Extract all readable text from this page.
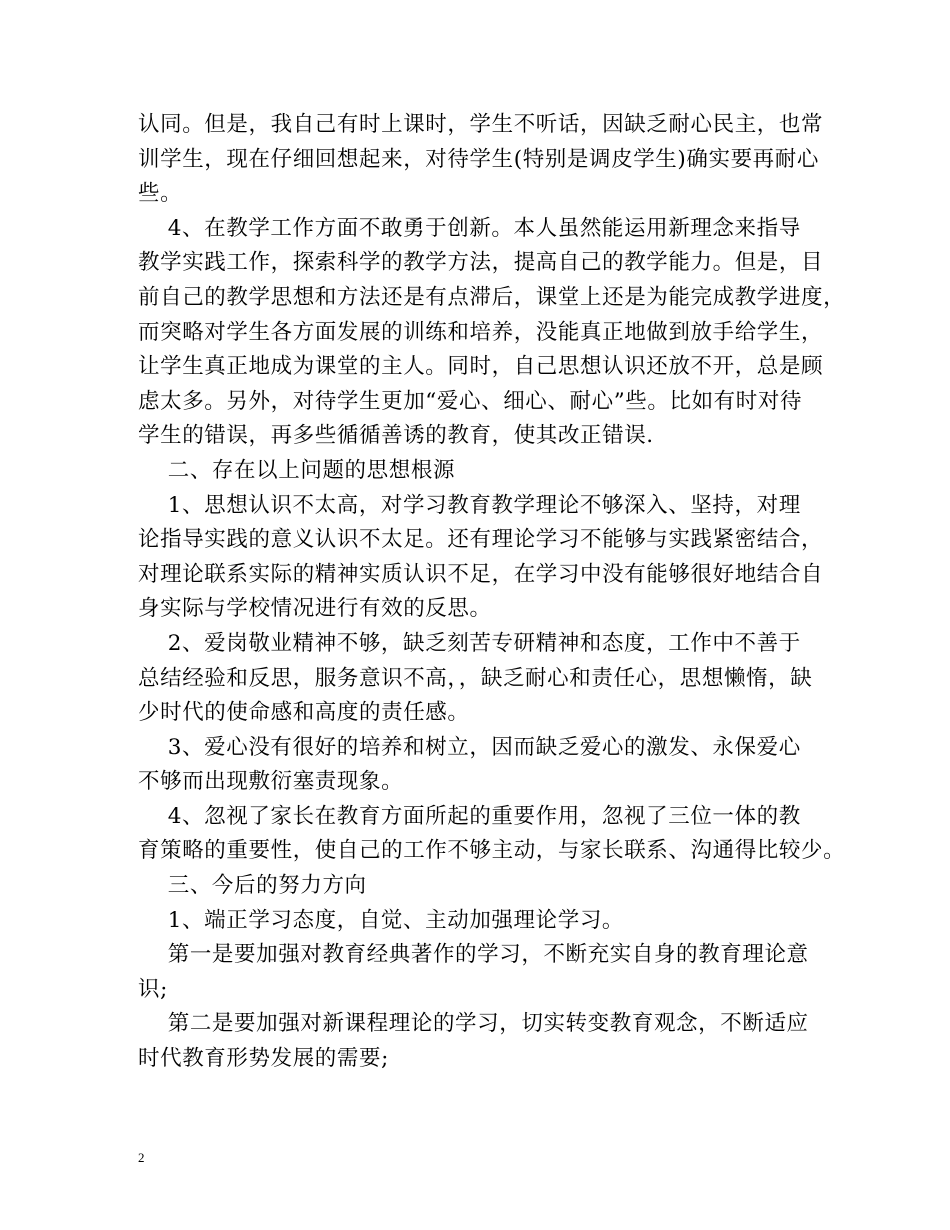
认同。但是，我自己有时上课时，学生不听话，因缺乏耐心民主，也常

训学生，现在仔细回想起来，对待学生(特别是调皮学生)确实要再耐心

些。

4、在教学工作方面不敢勇于创新。本人虽然能运用新理念来指导

教学实践工作，探索科学的教学方法，提高自己的教学能力。但是，目

前自己的教学思想和方法还是有点滞后，课堂上还是为能完成教学进度，

而突略对学生各方面发展的训练和培养，没能真正地做到放手给学生，

让学生真正地成为课堂的主人。同时，自己思想认识还放不开，总是顾

虑太多。另外，对待学生更加“爱心、细心、耐心”些。比如有时对待

学生的错误，再多些循循善诱的教育，使其改正错误.

二、存在以上问题的思想根源

1、思想认识不太高，对学习教育教学理论不够深入、坚持，对理

论指导实践的意义认识不太足。还有理论学习不能够与实践紧密结合，

对理论联系实际的精神实质认识不足，在学习中没有能够很好地结合自

身实际与学校情况进行有效的反思。

2、爱岗敬业精神不够，缺乏刻苦专研精神和态度，工作中不善于

总结经验和反思，服务意识不高，，缺乏耐心和责任心，思想懒惰，缺

少时代的使命感和高度的责任感。

3、爱心没有很好的培养和树立，因而缺乏爱心的激发、永保爱心

不够而出现敷衍塞责现象。

4、忽视了家长在教育方面所起的重要作用，忽视了三位一体的教

育策略的重要性，使自己的工作不够主动，与家长联系、沟通得比较少。

三、今后的努力方向

1、端正学习态度，自觉、主动加强理论学习。

第一是要加强对教育经典著作的学习，不断充实自身的教育理论意

识;

第二是要加强对新课程理论的学习，切实转变教育观念，不断适应

时代教育形势发展的需要;

2
